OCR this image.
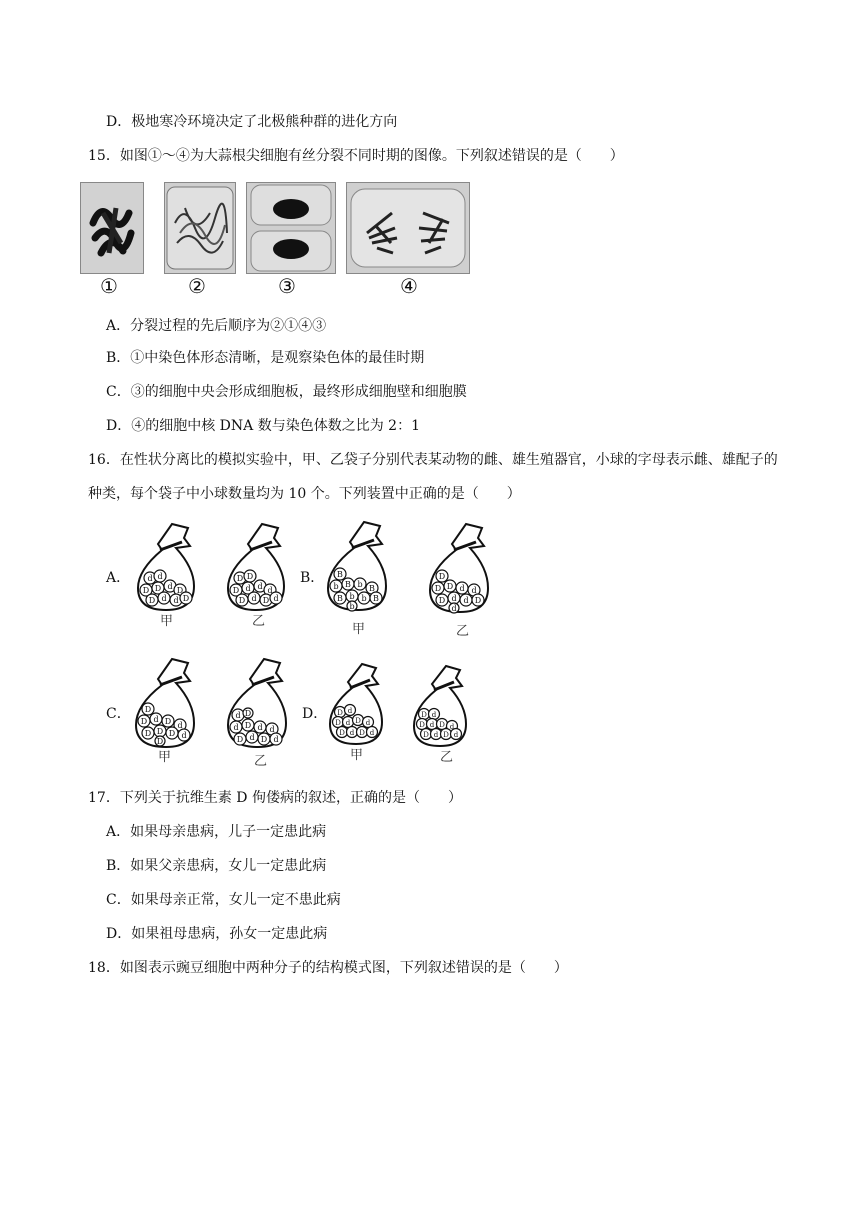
D．极地寒冷环境决定了北极熊种群的进化方向
15．如图①～④为大蒜根尖细胞有丝分裂不同时期的图像。下列叙述错误的是（　　）
①	②	③	④
A．分裂过程的先后顺序为②①④③
B．①中染色体形态清晰，是观察染色体的最佳时期
C．③的细胞中央会形成细胞板，最终形成细胞壁和细胞膜
D．④的细胞中核 DNA 数与染色体数之比为 2：1
16．在性状分离比的模拟实验中，甲、乙袋子分别代表某动物的雌、雄生殖器官，小球的字母表示雌、雄配子的种类，每个袋子中小球数量均为 10 个。下列装置中正确的是（　　）
A．	B．
C．	D．
d d
D D d D
D d d D
甲
D D
D d d d
D d D d
乙
B
b B b B
B b b B
b
甲
D
D D d d
D d d D
d
乙
D
D d D d
D D D d
D
甲
d
d D d d
D d D d
D
乙
D d
D d D d
D d D d
甲
D d
D d D d
D d D d
乙
17．下列关于抗维生素 D 佝偻病的叙述，正确的是（　　）
A．如果母亲患病，儿子一定患此病
B．如果父亲患病，女儿一定患此病
C．如果母亲正常，女儿一定不患此病
D．如果祖母患病，孙女一定患此病
18．如图表示豌豆细胞中两种分子的结构模式图，下列叙述错误的是（　　）
